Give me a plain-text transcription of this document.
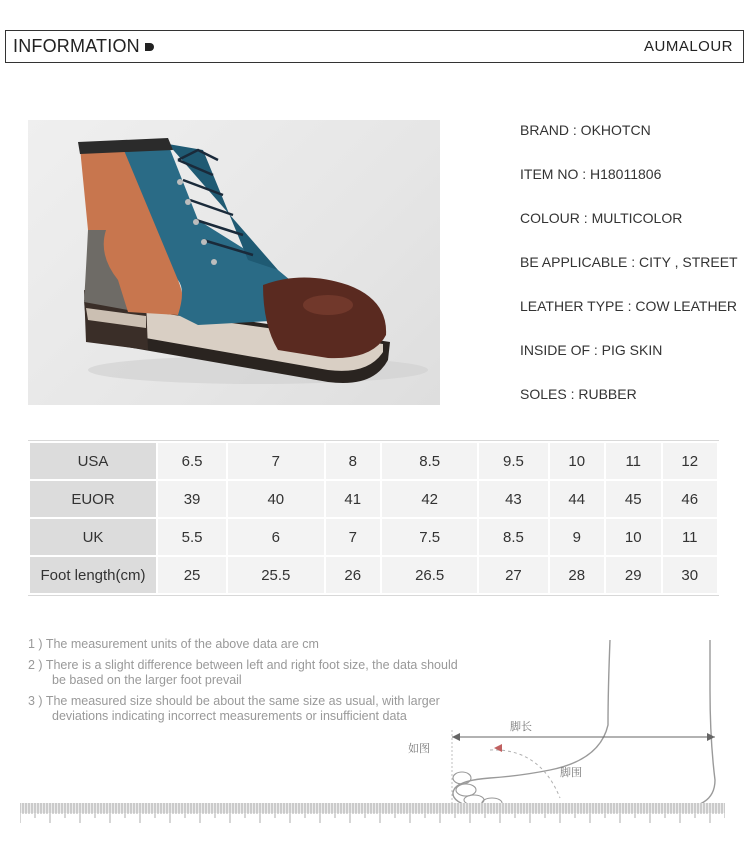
INFORMATION	AUMALOUR
BRAND : OKHOTCN
ITEM NO : H18011806
COLOUR : MULTICOLOR
BE APPLICABLE : CITY , STREET
LEATHER TYPE : COW LEATHER
INSIDE OF : PIG SKIN
SOLES : RUBBER
USA	6.5	7	8	8.5	9.5	10	11	12
EUOR	39	40	41	42	43	44	45	46
UK	5.5	6	7	7.5	8.5	9	10	11
Foot length(cm)	25	25.5	26	26.5	27	28	29	30
1 ) The measurement units of the above data are cm
2 ) There is a slight difference between left and right foot size, the data should
be based on the larger foot prevail
3 ) The measured size should be about the same size as usual, with larger
deviations indicating incorrect measurements or insufficient data
脚长
脚围
如图
